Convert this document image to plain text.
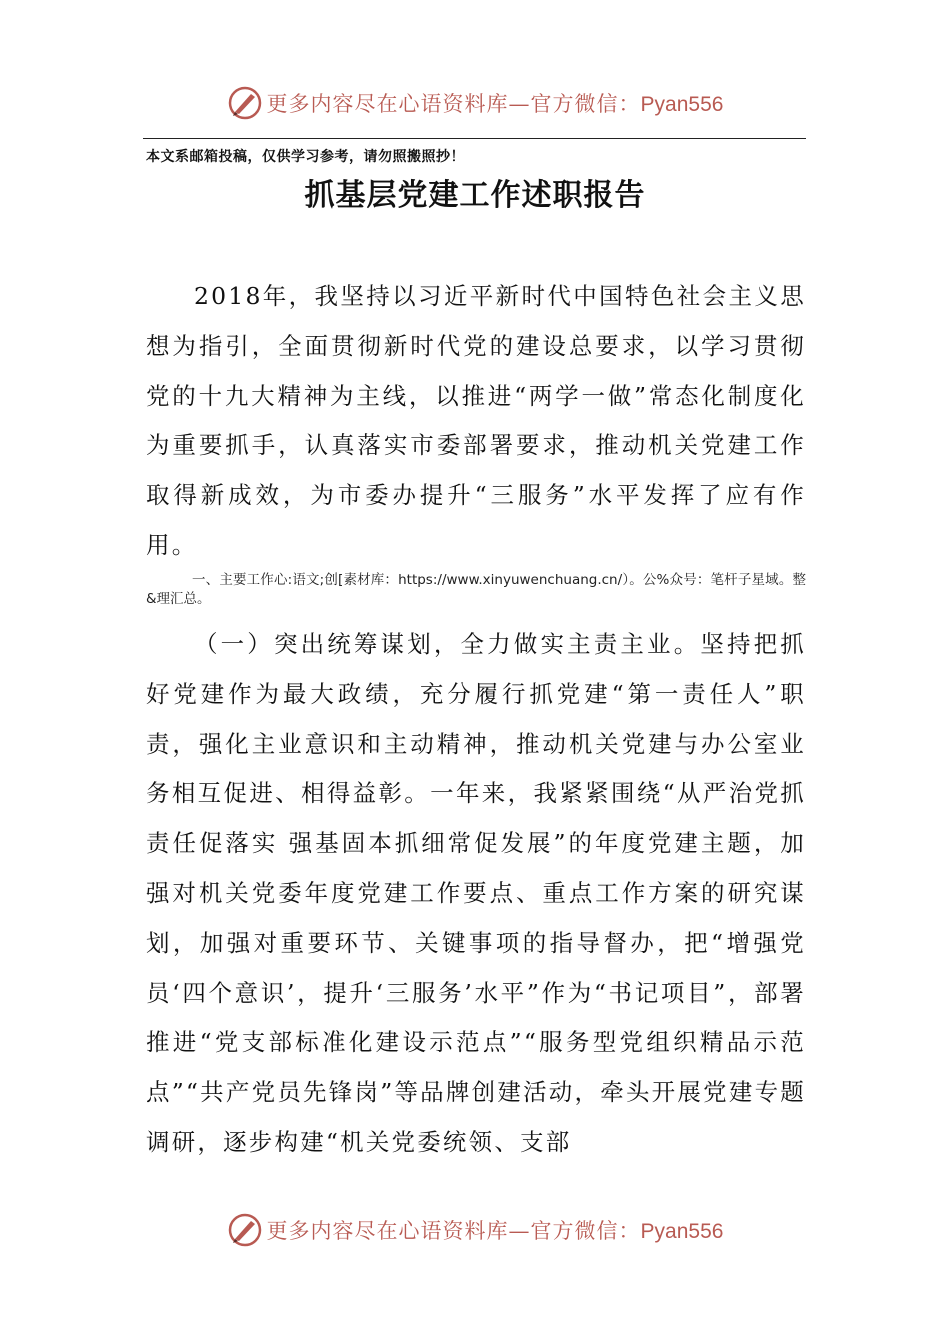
更多内容尽在心语资料库—官方微信：Pyan556
本文系邮箱投稿，仅供学习参考，请勿照搬照抄！
抓基层党建工作述职报告
2018年，我坚持以习近平新时代中国特色社会主义思想为指引，全面贯彻新时代党的建设总要求，以学习贯彻党的十九大精神为主线，以推进“两学一做”常态化制度化为重要抓手，认真落实市委部署要求，推动机关党建工作取得新成效，为市委办提升“三服务”水平发挥了应有作用。
一、主要工作心:语文;创[素材库：https://www.xinyuwenchuang.cn/）。公%众号：笔杆子星域。整&理汇总。
（一）突出统筹谋划，全力做实主责主业。坚持把抓好党建作为最大政绩，充分履行抓党建“第一责任人”职责，强化主业意识和主动精神，推动机关党建与办公室业务相互促进、相得益彰。一年来，我紧紧围绕“从严治党抓责任促落实 强基固本抓细常促发展”的年度党建主题，加强对机关党委年度党建工作要点、重点工作方案的研究谋划，加强对重要环节、关键事项的指导督办，把“增强党员‘四个意识’，提升‘三服务’水平”作为“书记项目”，部署推进“党支部标准化建设示范点”“服务型党组织精品示范点”“共产党员先锋岗”等品牌创建活动，牵头开展党建专题调研，逐步构建“机关党委统领、支部
更多内容尽在心语资料库—官方微信：Pyan556
